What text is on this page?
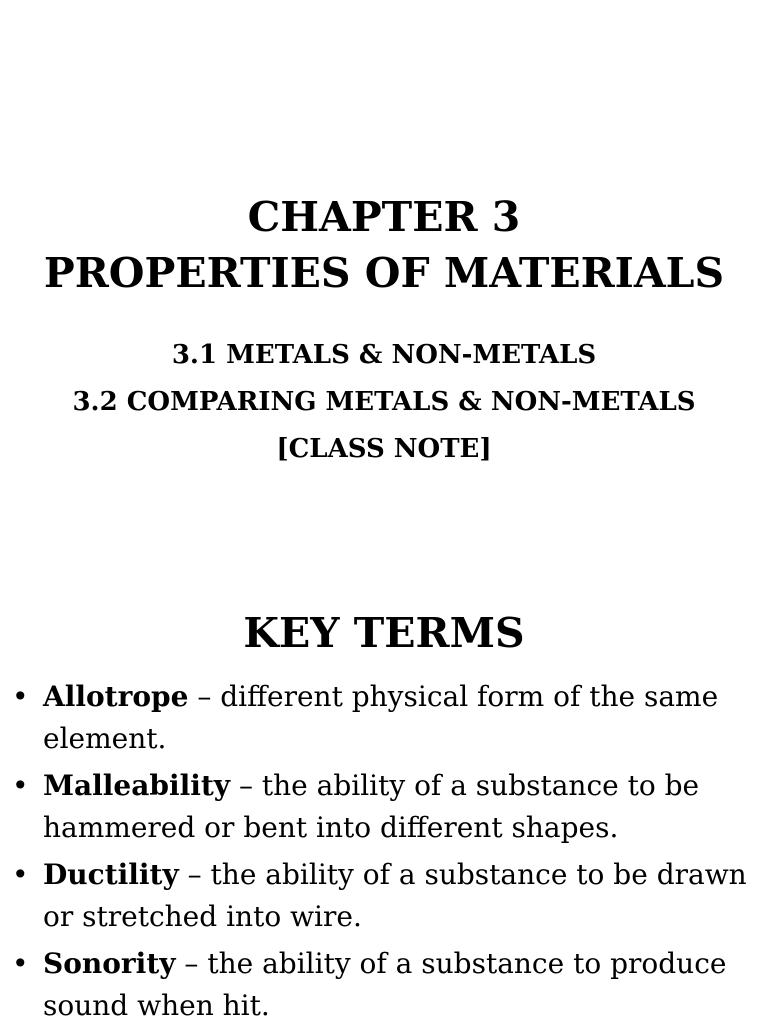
CHAPTER 3
PROPERTIES OF MATERIALS
3.1 METALS & NON-METALS
3.2 COMPARING METALS & NON-METALS
[CLASS NOTE]
KEY TERMS
• Allotrope – different physical form of the same element.
• Malleability – the ability of a substance to be hammered or bent into different shapes.
• Ductility – the ability of a substance to be drawn or stretched into wire.
• Sonority – the ability of a substance to produce sound when hit.
